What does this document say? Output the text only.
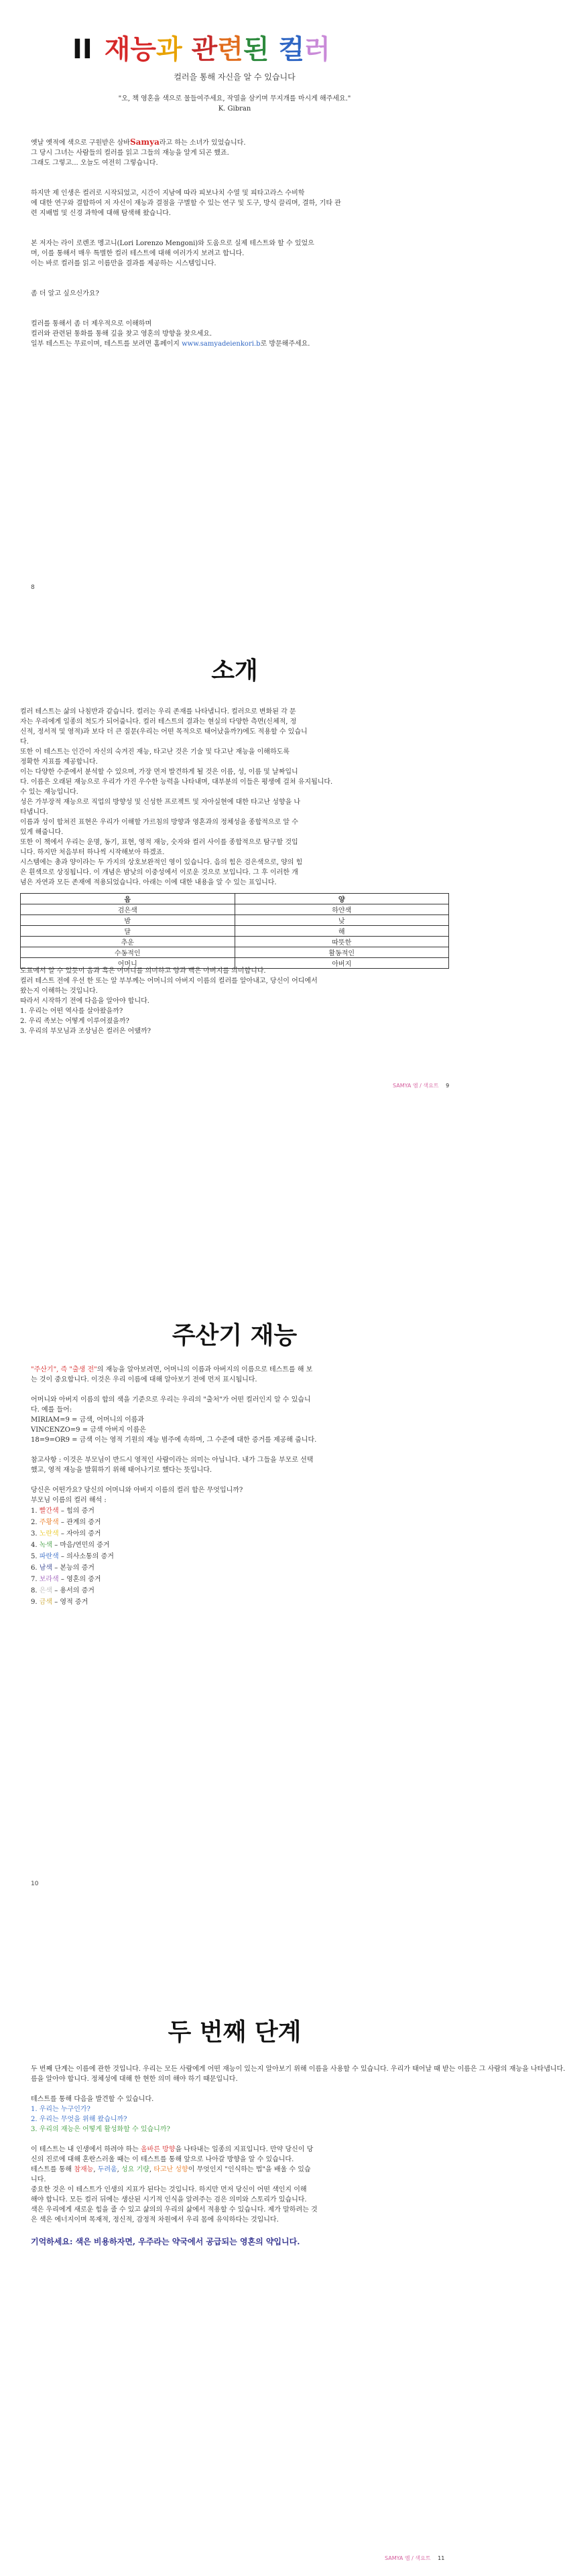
II 재능과 관련된 컬러
컬러을 통해 자신을 알 수 있습니다
"오, 책 영혼을 색으로 물들여주세요, 작열을 삼키며 무지개를 마시게 해주세요."
K. Gibran

옛날 옛적에 색으로 구원받은 삼바Samya라고 하는 소녀가 있었습니다.

그 당시 그녀는 사람들의 컬러를 읽고 그들의 재능을 알게 되곤 했죠.

그래도 그렇고... 오늘도 여전히 그렇습니다.

하지만 제 인생은 컬러로 시작되었고, 시간이 지남에 따라 피보나치 수열 및 피타고라스 수비학

에 대한 연구와 결합하여 저 자신이 재능과 결점을 구별할 수 있는 연구 및 도구, 방식 끌리며, 결하, 기타 관

련 지배법 및 신경 과학에 대해 탐색해 왔습니다.

본 저자는 라이 로렌조 멩고니(Lori Lorenzo Mengoni)와 도움으로 실제 테스트와 할 수 있었으

며, 이를 통해서 매우 특별한 컬러 테스트에 대해 여러가지 보려고 합니다.

이는 바로 컬러를 읽고 이름만을 결과를 제공하는 시스템입니다.

좀 더 알고 싶으신가요?

컬러를 통해서 좀 더 제우적으로 이해하며

컬러와 관련된 통화를 통해 깊을 찾고 영혼의 방향을 찾으세요.

일부 테스트는 무료이며, 테스트를 보려면 홈페이지 www.samyadeienkori.b로 방문해주세요.

8
소개

컬러 테스트는 삶의 나침반과 같습니다. 컬러는 우리 존재를 나타냅니다. 컬러으로 변화된 각 문

자는 우리에게 일종의 척도가 되어줍니다. 컬러 테스트의 결과는 현실의 다양한 측면(신체적, 정

신적, 정서적 및 영적)과 보다 더 큰 질문(우리는 어떤 목적으로 태어났을까?)에도 적용할 수 있습니

다.

또한 이 테스트는 인간이 자신의 숙겨진 재능, 타고난 것은 기술 및 다고난 재능을 이해하도록

정확한 지표를 제공합니다.

이는 다양한 수준에서 분석할 수 있으며, 가장 먼저 발견하게 될 것은 이름, 성, 이름 및 날짜입니

다. 이름은 오래된 재능으로 우리가 가진 우수한 능력을 나타내며, 대부분의 이들은 평생에 걸쳐 유지됩니다.

수 있는 재능입니다.

성은 가부장적 재능으로 직업의 방향성 및 신성한 프로젝트 및 자아실현에 대한 타고난 성향을 나

타냅니다.

이름과 성이 합쳐진 표현은 우리가 이해할 가르침의 방향과 영혼과의 정체성을 종합적으로 알 수

있게 해줍니다.

또한 이 책에서 우리는 운명, 동기, 표현, 영적 재능, 숫자와 컬러 사이를 종합적으로 탐구할 것입

니다. 하지만 처음부터 하나씩 시작해보아 하겠죠.

시스템에는 총과 양이라는 두 가지의 상호보완적인 영이 있습니다. 음의 힘은 검은색으로, 양의 힘

은 흰색으로 상징됩니다. 이 개념은 밤낮의 이중성에서 이로운 것으로 보입니다. 그 후 이러한 개

념은 자연과 모든 존재에 적용되었습니다. 아래는 이에 대한 내용을 알 수 있는 표입니다.

음	양
검은색	하얀색
밤	낮
달	해
추운	따뜻한
수동적인	활동적인
어머니	아버지

도표에서 알 수 있듯이 음과 흑은 어머니를 의미하고 양과 백은 아버지를 의미합니다.

컬러 테스트 전에 우선 한 또는 알 부부께는 어머니의 아버지 이름의 컬러를 알아내고, 당신이 어디에서

왔는지 이해하는 것입니다.

따라서 시작하기 전에 다음을 알아야 합니다.

1. 우리는 어떤 역사를 살아왔을까?

2. 우리 족보는 어떻게 이루어졌을까?

3. 우리의 부모님과 조상님은 컬러은 어땠까?

SAMYA 엠 / 색요트 9
주산기 재능

"주산기", 즉 "출생 전"의 재능을 알아보려면, 어머니의 이름과 아버지의 이름으로 테스트를 해 보

는 것이 중요합니다. 이것은 우리 이름에 대해 알아보기 전에 먼저 표시됩니다.

어머니와 아버지 이름의 합의 색을 기준으로 우리는 우리의 "출처"가 어떤 컬러인지 알 수 있습니

다. 예를 들어:

MIRIAM=9 = 금색, 어머니의 이름과

VINCENZO=9 = 금색 아버지 이름은

18=9=OR9 = 금색 이는 영적 기원의 재능 범주에 속하며, 그 수준에 대한 증거를 제공해 줍니다.

참고사항 : 이것은 부모님이 반드시 영적인 사람이라는 의미는 아닙니다. 내가 그들을 부모로 선택

했고, 영적 재능을 발휘하기 위해 태어나기로 했다는 뜻입니다.

당신은 어떤가요? 당신의 어머니와 아버지 이름의 컬러 합은 무엇입니까?

부모님 이름의 컬러 해석 :

1. 빨간색 – 힘의 증거

2. 주황색 – 관계의 증거

3. 노란색 – 자아의 증거

4. 녹색 – 마음/연민의 증거

5. 파란색 – 의사소통의 증거

6. 남색 – 본능의 증거

7. 보라색 – 영혼의 증거

8. 은색 – 용서의 증거

9. 금색 – 영적 증거

10
두 번째 단계

두 번째 단계는 이름에 관한 것입니다. 우리는 모든 사람에게 어떤 재능이 있는지 알아보기 위해 이름을 사용할 수 있습니다. 우리가 태어날 때 받는 이름은 그 사람의 재능을 나타냅니다.

름을 알아야 합니다. 정체성에 대해 한 현한 의미 해야 하기 때문입니다.

테스트를 통해 다음을 발견할 수 있습니다.

1. 우리는 누구인가?

2. 우리는 무엇을 위해 왔습니까?

3. 우리의 재능은 어떻게 활성화할 수 있습니까?

이 테스트는 내 인생에서 하려야 하는 올바른 방향을 나타내는 일종의 지표입니다. 만약 당신이 당

신의 진로에 대해 혼란스러울 때는 이 테스트를 통해 앞으로 나아갈 방향을 알 수 있습니다.

테스트를 통해 참재능, 두려움, 성요 기량, 타고난 성향이 무엇인지 "인식하는 법"을 배울 수 있습

니다.

중요한 것은 이 테스트가 인생의 지표가 된다는 것입니다. 하지만 먼저 당신이 어떤 색인지 이해

해야 합니다. 모든 컬러 뒤에는 생산된 시기적 인식을 알려주는 검은 의미와 스토리가 있습니다.

색은 우리에게 새로운 힘을 줄 수 있고 삶의의 우리의 삶에서 적용할 수 있습니다. 제가 말하려는 것

은 색은 에너지이며 목재적, 정신적, 감정적 차원에서 우리 몸에 유익하다는 것입니다.

기억하세요: 색은 비용하자면, 우주라는 약국에서 공급되는 영혼의 약입니다.

SAMYA 엠 / 색요트 11
